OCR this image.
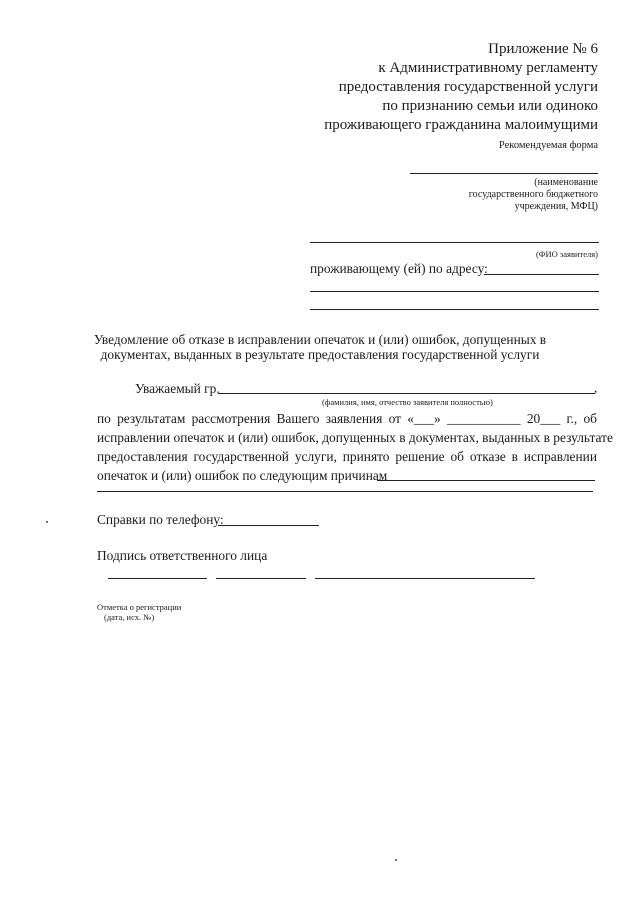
Приложение № 6
к Административному регламенту
предоставления государственной услуги
по признанию семьи или одиноко
проживающего гражданина малоимущими
Рекомендуемая форма
(наименование
государственного бюджетного
учреждения, МФЦ)
(ФИО заявителя)
проживающему (ей) по адресу:
Уведомление об отказе в исправлении опечаток и (или) ошибок, допущенных в
документах, выданных в результате предоставления государственной услуги
Уважаемый гр.	,
(фамилия, имя, отчество заявителя полностью)
по результатам рассмотрения Вашего заявления от «___» ___________ 20___ г., об
исправлении опечаток и (или) ошибок, допущенных в документах, выданных в результате
предоставления государственной услуги, принято решение об отказе в исправлении
опечаток и (или) ошибок по следующим причинам
Справки по телефону:
Подпись ответственного лица
Отметка о регистрации
(дата, исх. №)
